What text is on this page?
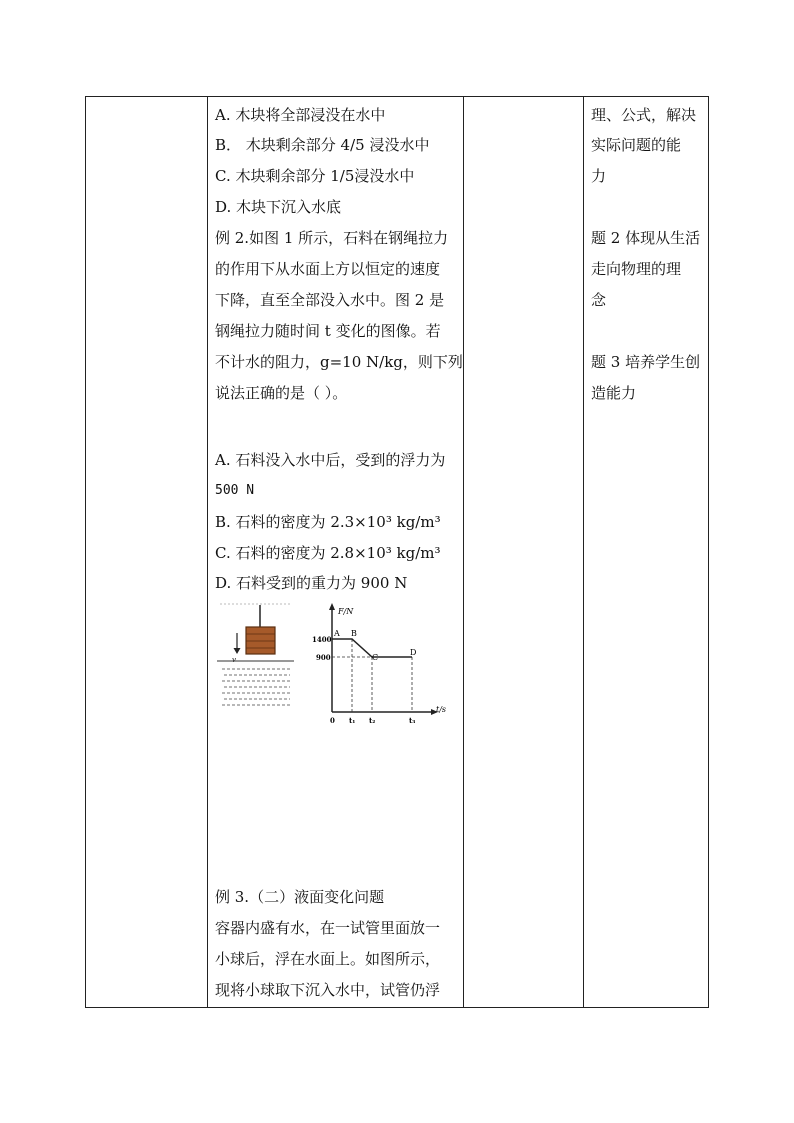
A. 木块将全部浸没在水中
B． 木块剩余部分 4/5 浸没水中
C. 木块剩余部分 1/5浸没水中
D. 木块下沉入水底
例 2.如图 1 所示，石料在钢绳拉力
的作用下从水面上方以恒定的速度
下降，直至全部没入水中。图 2 是
钢绳拉力随时间 t 变化的图像。若
不计水的阻力，g=10 N/kg，则下列
说法正确的是（ ）。
A. 石料没入水中后，受到的浮力为
500 N
B. 石料的密度为 2.3×10³ kg/m³
C. 石料的密度为 2.8×10³ kg/m³
D. 石料受到的重力为 900 N
例 3.（二）液面变化问题
容器内盛有水，在一试管里面放一
小球后，浮在水面上。如图所示，
现将小球取下沉入水中，试管仍浮
v
F/N
t/s
1400
900
A B
C
D
0 t₁ t₂	t₃
理、公式，解决
实际问题的能
力
题 2 体现从生活
走向物理的理
念
题 3 培养学生创
造能力
